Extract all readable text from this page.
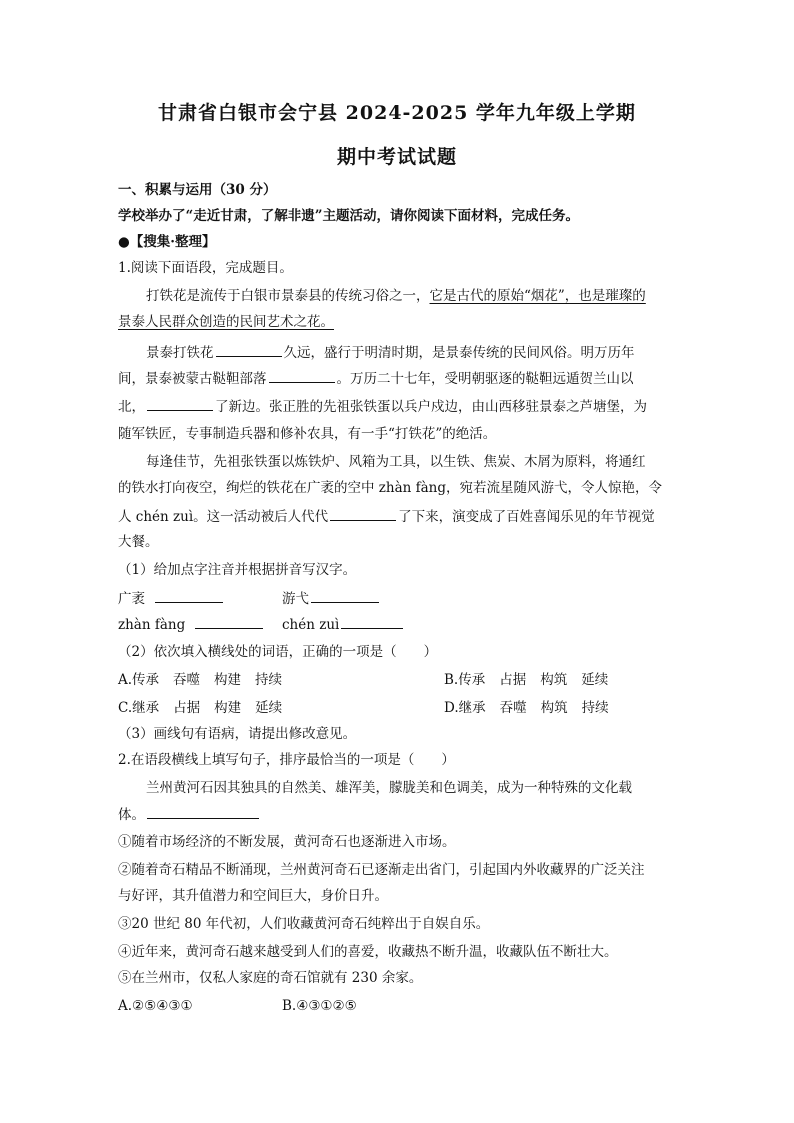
甘肃省白银市会宁县 2024-2025 学年九年级上学期
期中考试试题
一、积累与运用（30 分）
学校举办了“走近甘肃，了解非遗”主题活动，请你阅读下面材料，完成任务。
●【搜集·整理】
1.阅读下面语段，完成题目。
打铁花是流传于白银市景泰县的传统习俗之一，它是古代的原始“烟花”，也是璀璨的
景泰人民群众创造的民间艺术之花。
景泰打铁花	久远，盛行于明清时期，是景泰传统的民间风俗。明万历年
间，景泰被蒙古鞑靼部落	。万历二十七年，受明朝驱逐的鞑靼远遁贺兰山以
北，	了新边。张正胜的先祖张铁蛋以兵户戍边，由山西移驻景泰之芦塘堡，为
随军铁匠，专事制造兵器和修补农具，有一手“打铁花”的绝活。
每逢佳节，先祖张铁蛋以炼铁炉、风箱为工具，以生铁、焦炭、木屑为原料，将通红
的铁水打向夜空，绚烂的铁花在广袤的空中 zhàn fàng，宛若流星随风游弋，令人惊艳，令
人 chén zuì。这一活动被后人代代	了下来，演变成了百姓喜闻乐见的年节视觉
大餐。
（1）给加点字注音并根据拼音写汉字。
广袤	游弋
zhàn fàng	chén zuì
（2）依次填入横线处的词语，正确的一项是（　　）
A.传承 吞噬 构建 持续	B.传承 占据 构筑 延续
C.继承 占据 构建 延续	D.继承 吞噬 构筑 持续
（3）画线句有语病，请提出修改意见。
2.在语段横线上填写句子，排序最恰当的一项是（　　）
兰州黄河石因其独具的自然美、雄浑美，朦胧美和色调美，成为一种特殊的文化载
体。
①随着市场经济的不断发展，黄河奇石也逐渐进入市场。
②随着奇石精品不断涌现，兰州黄河奇石已逐渐走出省门，引起国内外收藏界的广泛关注
与好评，其升值潜力和空间巨大，身价日升。
③20 世纪 80 年代初，人们收藏黄河奇石纯粹出于自娱自乐。
④近年来，黄河奇石越来越受到人们的喜爱，收藏热不断升温，收藏队伍不断壮大。
⑤在兰州市，仅私人家庭的奇石馆就有 230 余家。
A.②⑤④③①	B.④③①②⑤
